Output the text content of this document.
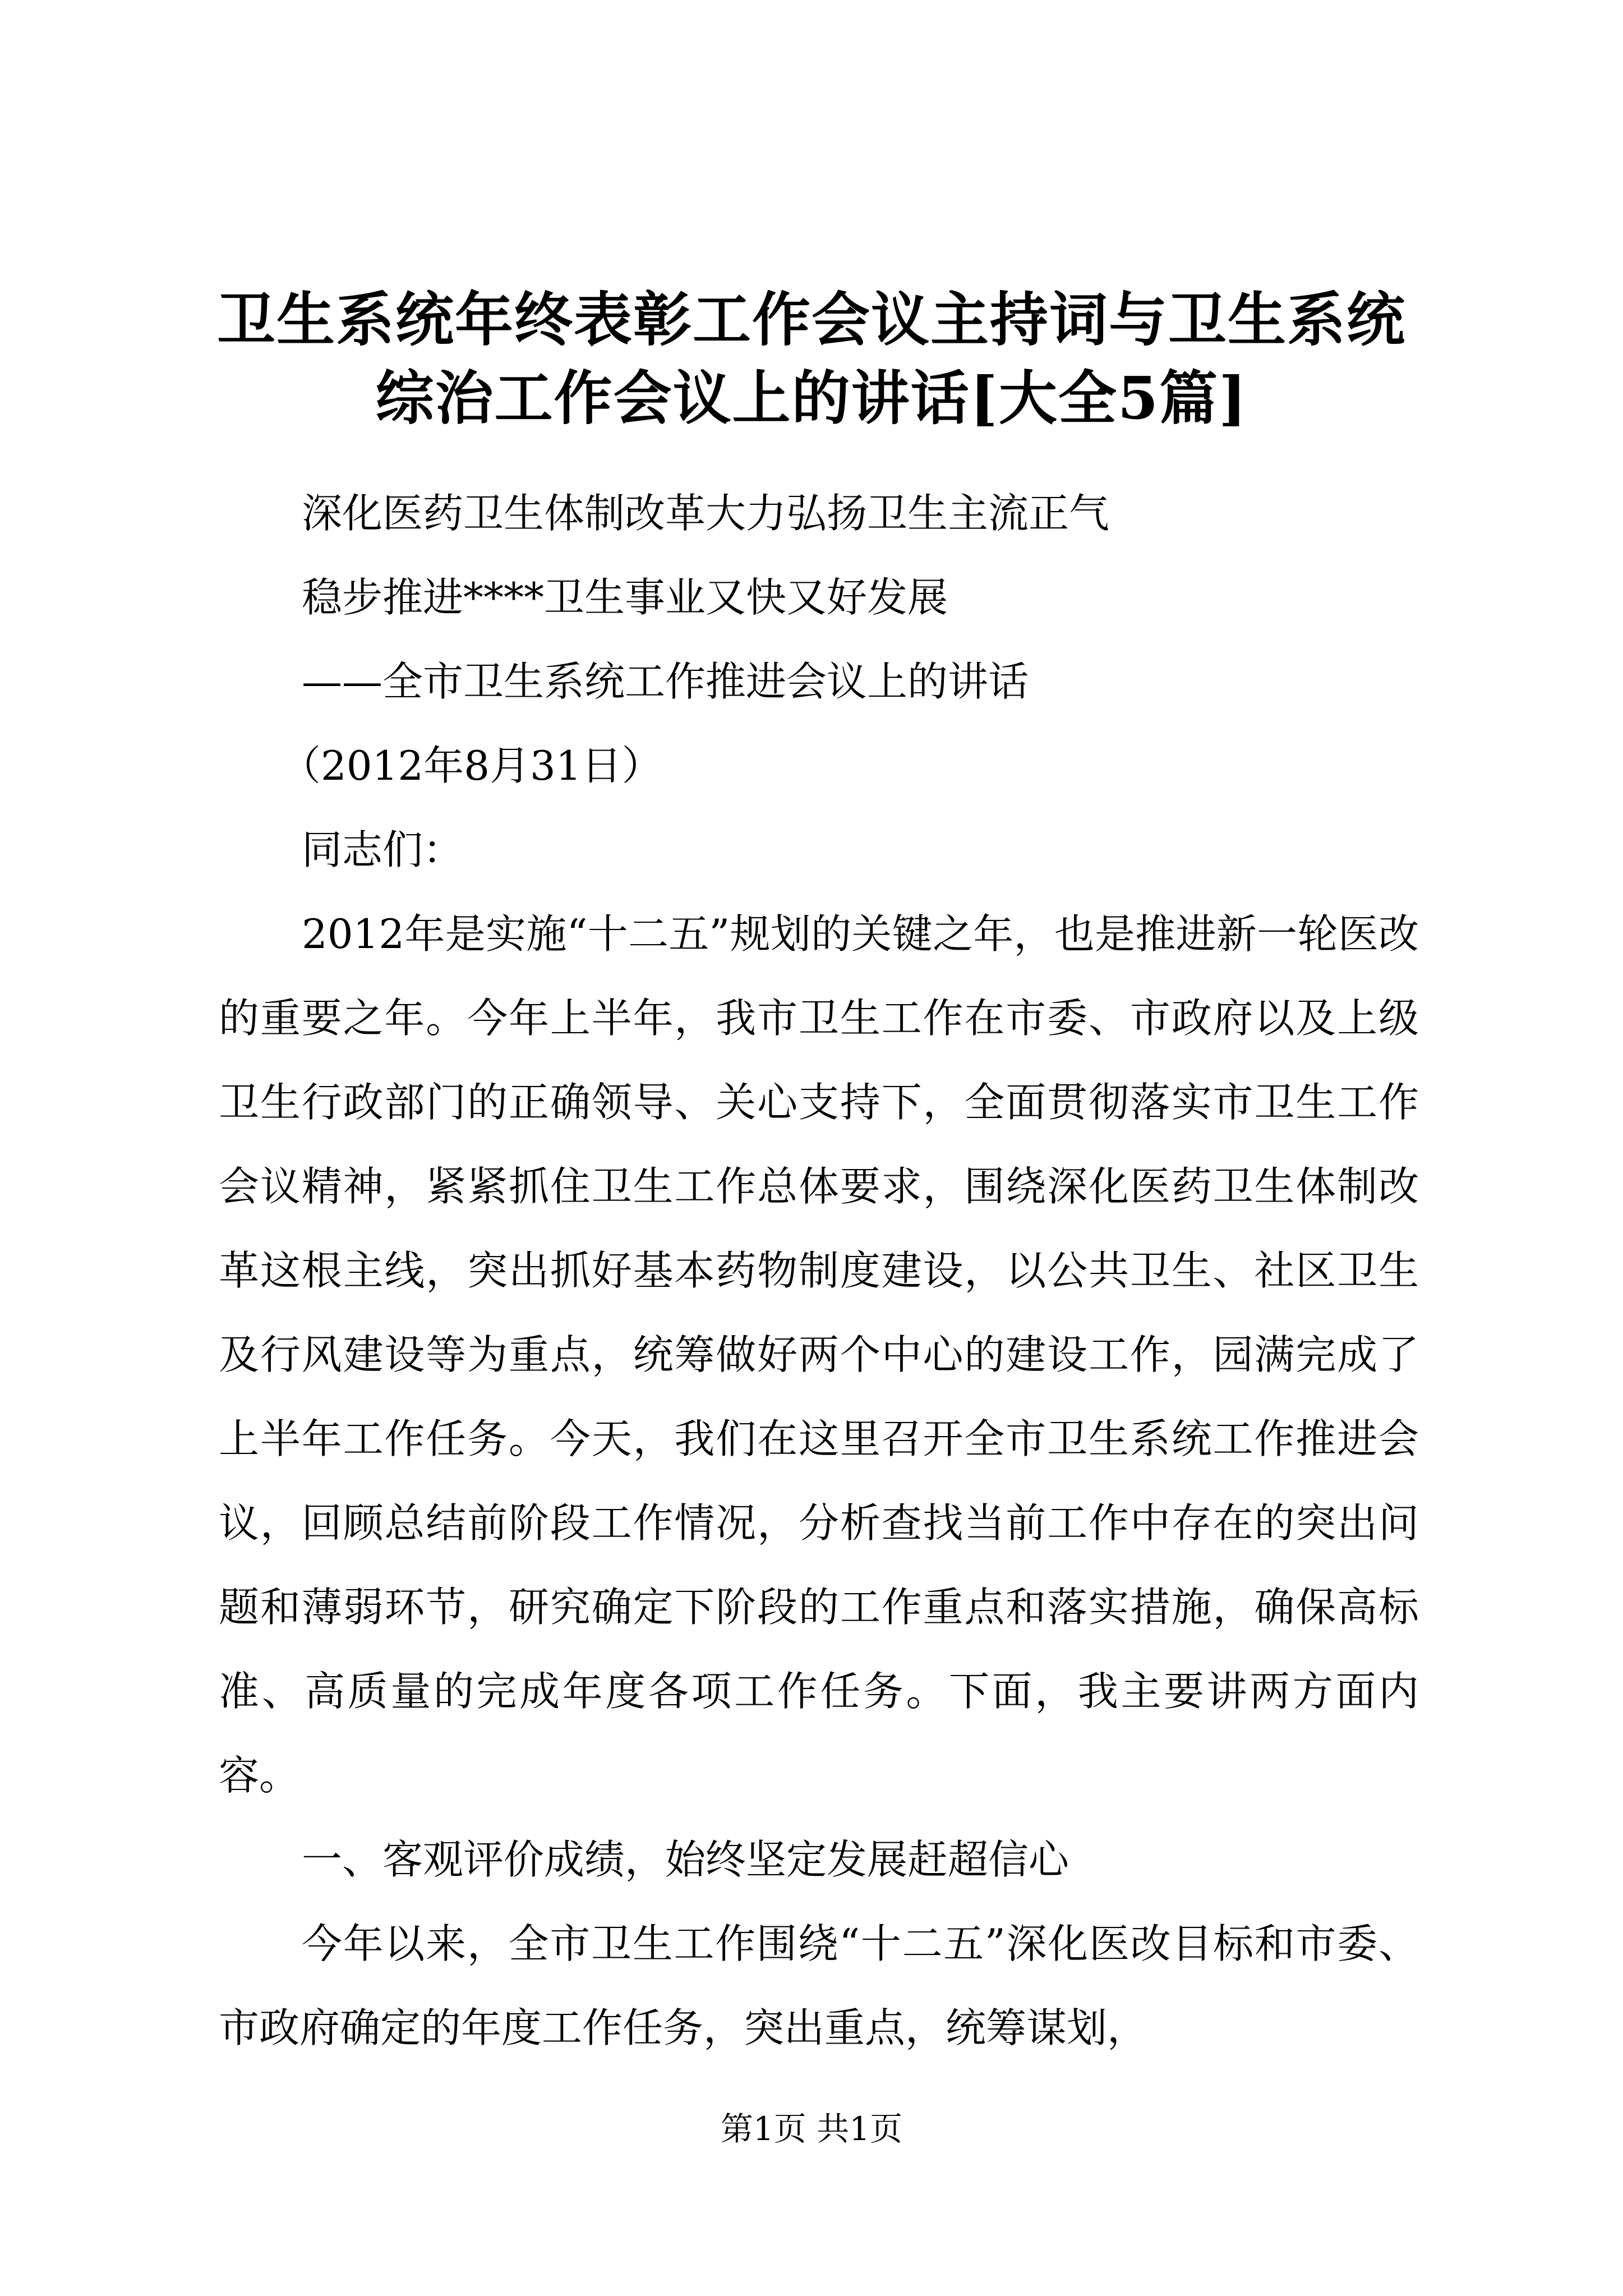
卫生系统年终表彰工作会议主持词与卫生系统
综治工作会议上的讲话[大全5篇]

深化医药卫生体制改革大力弘扬卫生主流正气

稳步推进****卫生事业又快又好发展

——全市卫生系统工作推进会议上的讲话

（2012年8月31日）

同志们：

2012年是实施“十二五”规划的关键之年，也是推进新一轮医改的重要之年。今年上半年，我市卫生工作在市委、市政府以及上级卫生行政部门的正确领导、关心支持下，全面贯彻落实市卫生工作会议精神，紧紧抓住卫生工作总体要求，围绕深化医药卫生体制改革这根主线，突出抓好基本药物制度建设，以公共卫生、社区卫生及行风建设等为重点，统筹做好两个中心的建设工作，园满完成了上半年工作任务。今天，我们在这里召开全市卫生系统工作推进会议，回顾总结前阶段工作情况，分析查找当前工作中存在的突出问题和薄弱环节，研究确定下阶段的工作重点和落实措施，确保高标准、高质量的完成年度各项工作任务。下面，我主要讲两方面内容。

一、客观评价成绩，始终坚定发展赶超信心

今年以来，全市卫生工作围绕“十二五”深化医改目标和市委、市政府确定的年度工作任务，突出重点，统筹谋划，

第1页 共1页
